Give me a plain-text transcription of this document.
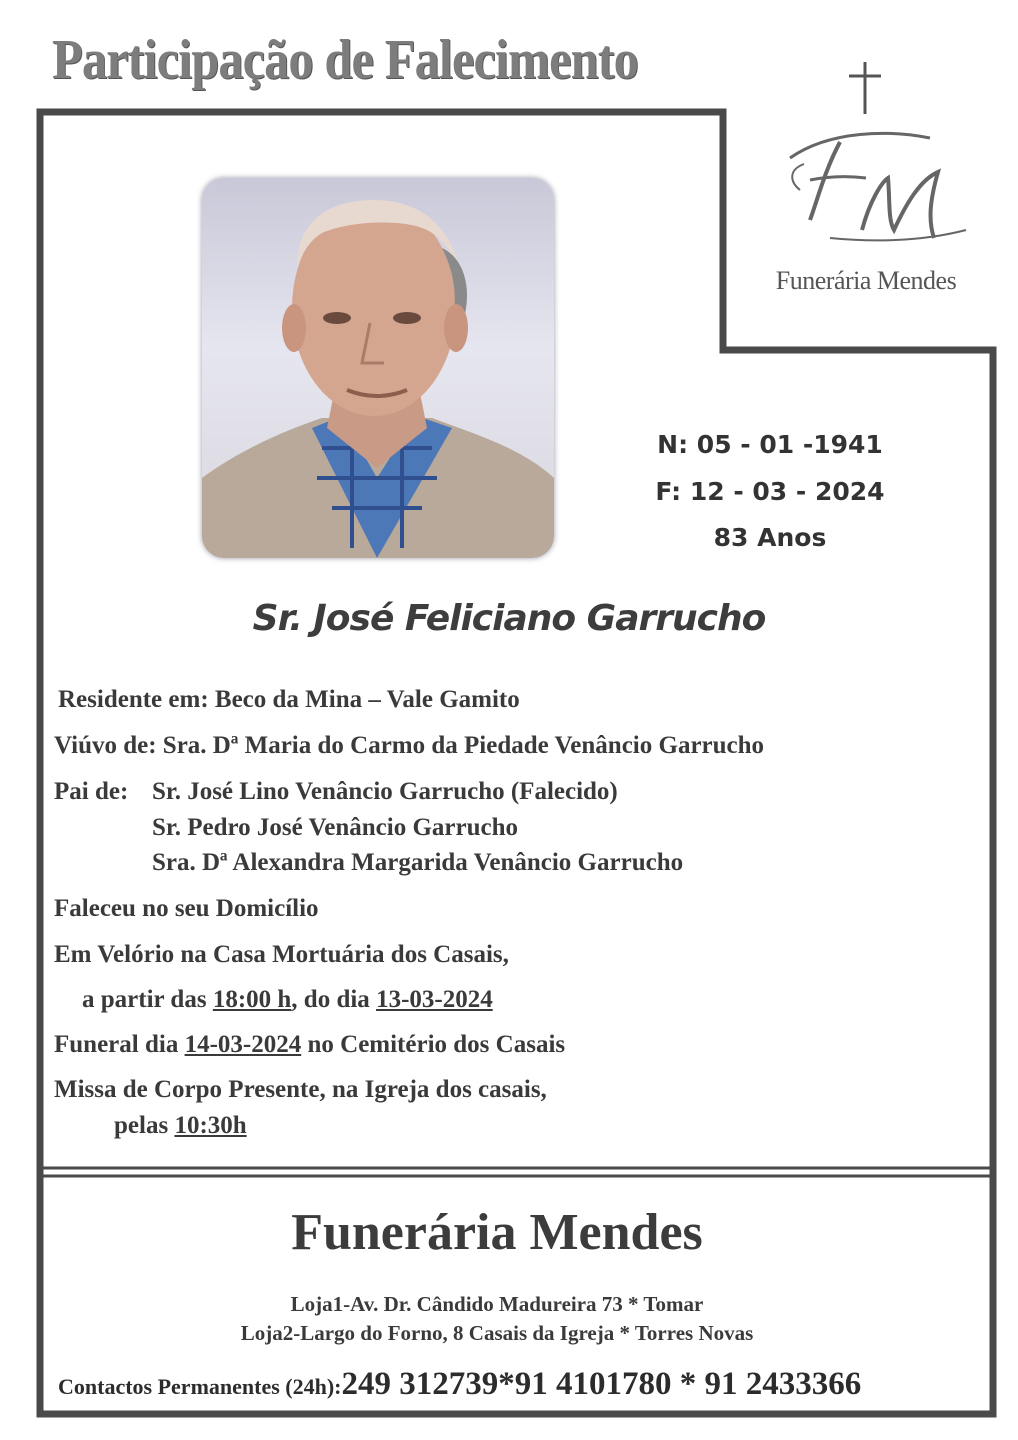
Participação de Falecimento
Funerária Mendes
N: 05 - 01 -1941
F: 12 - 03 - 2024
83 Anos
Sr. José Feliciano Garrucho
Residente em: Beco da Mina – Vale Gamito
Viúvo de: Sra. Dª Maria do Carmo da Piedade Venâncio Garrucho
Pai de: Sr. José Lino Venâncio Garrucho (Falecido)
Sr. Pedro José Venâncio Garrucho
Sra. Dª Alexandra Margarida Venâncio Garrucho
Faleceu no seu Domicílio
Em Velório na Casa Mortuária dos Casais,
a partir das 18:00 h, do dia 13-03-2024
Funeral dia 14-03-2024 no Cemitério dos Casais
Missa de Corpo Presente, na Igreja dos casais,
pelas 10:30h
Funerária Mendes
Loja1-Av. Dr. Cândido Madureira 73 * Tomar
Loja2-Largo do Forno, 8 Casais da Igreja * Torres Novas
Contactos Permanentes (24h):249 312739*91 4101780 * 91 2433366
